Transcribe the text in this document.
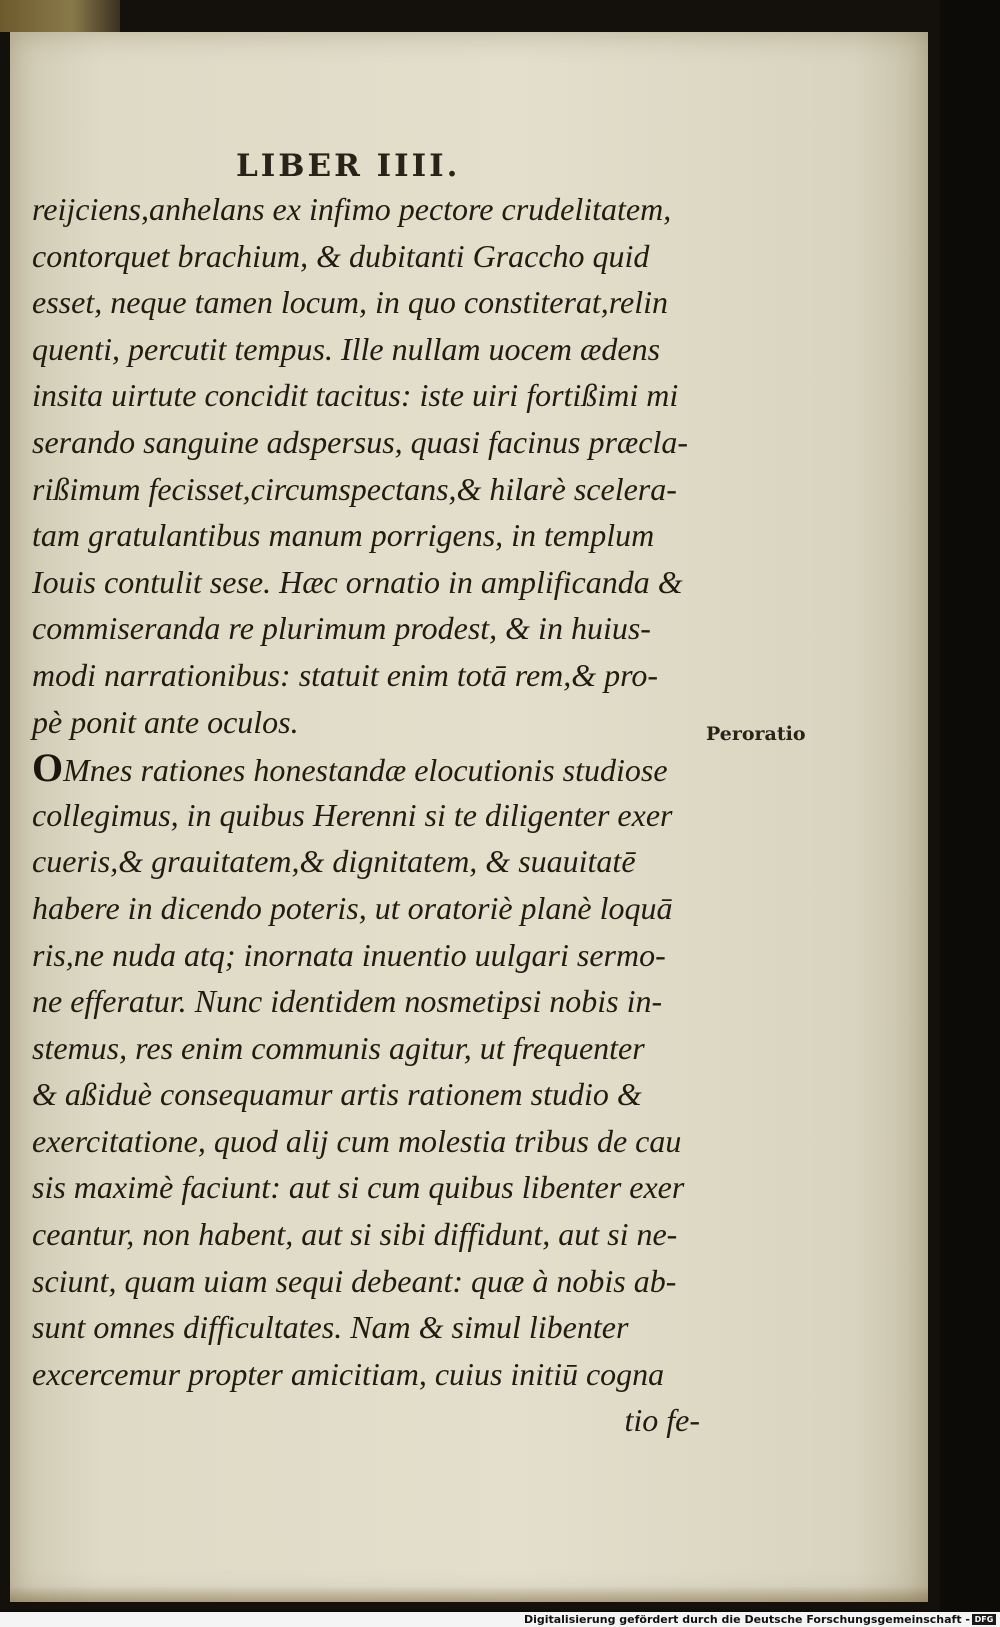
LIBER IIII.
reijciens,anhelans ex infimo pectore crudelitatem,
contorquet brachium, & dubitanti Graccho quid
esset, neque tamen locum, in quo constiterat,relin
quenti, percutit tempus. Ille nullam uocem ædens
insita uirtute concidit tacitus: iste uiri fortißimi mi
serando sanguine adspersus, quasi facinus præcla-
rißimum fecisset,circumspectans,& hilarè scelera-
tam gratulantibus manum porrigens, in templum
Iouis contulit sese. Hæc ornatio in amplificanda &
commiseranda re plurimum prodest, & in huius-
modi narrationibus: statuit enim totā rem,& pro-
pè ponit ante oculos.
OMnes rationes honestandæ elocutionis studiose
collegimus, in quibus Herenni si te diligenter exer
cueris,& grauitatem,& dignitatem, & suauitatē
habere in dicendo poteris, ut oratoriè planè loquā
ris,ne nuda atq; inornata inuentio uulgari sermo-
ne efferatur. Nunc identidem nosmetipsi nobis in-
stemus, res enim communis agitur, ut frequenter
& aßiduè consequamur artis rationem studio &
exercitatione, quod alij cum molestia tribus de cau
sis maximè faciunt: aut si cum quibus libenter exer
ceantur, non habent, aut si sibi diffidunt, aut si ne-
sciunt, quam uiam sequi debeant: quæ à nobis ab-
sunt omnes difficultates. Nam & simul libenter
excercemur propter amicitiam, cuius initiū cogna
tio fe-

Peroratio

Digitalisierung gefördert durch die Deutsche Forschungsgemeinschaft - DFG
